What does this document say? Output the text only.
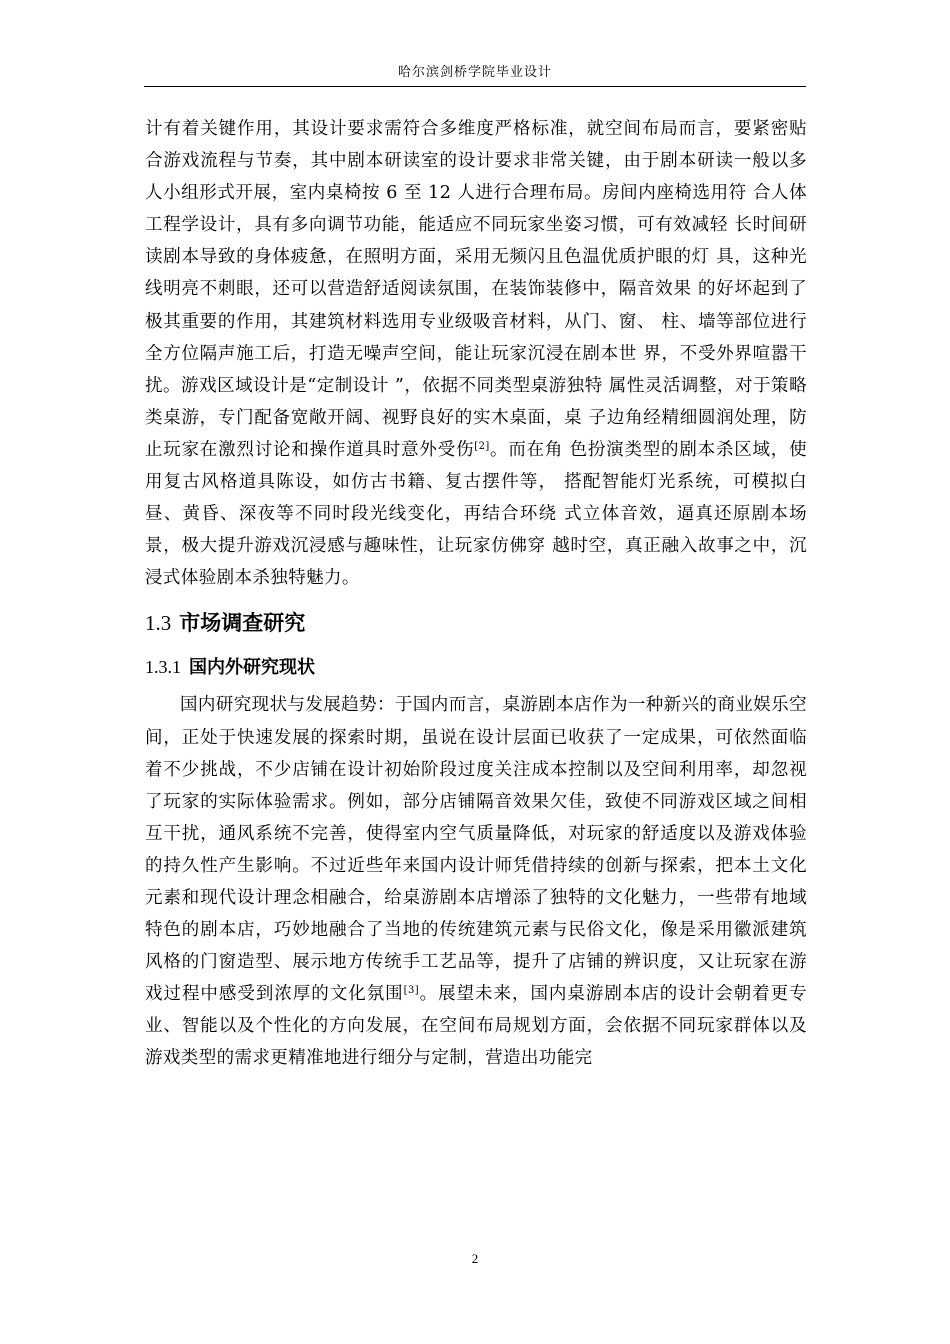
哈尔滨剑桥学院毕业设计

计有着关键作用，其设计要求需符合多维度严格标准，就空间布局而言，要紧密贴合游戏流程与节奏，其中剧本研读室的设计要求非常关键，由于剧本研读一般以多人小组形式开展，室内桌椅按 6 至 12 人进行合理布局。房间内座椅选用符 合人体工程学设计，具有多向调节功能，能适应不同玩家坐姿习惯，可有效减轻 长时间研读剧本导致的身体疲惫，在照明方面，采用无频闪且色温优质护眼的灯 具，这种光线明亮不刺眼，还可以营造舒适阅读氛围，在装饰装修中，隔音效果 的好坏起到了极其重要的作用，其建筑材料选用专业级吸音材料，从门、窗、 柱、墙等部位进行全方位隔声施工后，打造无噪声空间，能让玩家沉浸在剧本世 界，不受外界喧嚣干扰。游戏区域设计是“定制设计 ”，依据不同类型桌游独特 属性灵活调整，对于策略类桌游，专门配备宽敞开阔、视野良好的实木桌面，桌 子边角经精细圆润处理，防止玩家在激烈讨论和操作道具时意外受伤[2]。而在角 色扮演类型的剧本杀区域，使用复古风格道具陈设，如仿古书籍、复古摆件等， 搭配智能灯光系统，可模拟白昼、黄昏、深夜等不同时段光线变化，再结合环绕 式立体音效，逼真还原剧本场景，极大提升游戏沉浸感与趣味性，让玩家仿佛穿 越时空，真正融入故事之中，沉浸式体验剧本杀独特魅力。

1.3 市场调查研究
1.3.1 国内外研究现状

国内研究现状与发展趋势：于国内而言，桌游剧本店作为一种新兴的商业娱乐空间，正处于快速发展的探索时期，虽说在设计层面已收获了一定成果，可依然面临着不少挑战，不少店铺在设计初始阶段过度关注成本控制以及空间利用率，却忽视了玩家的实际体验需求。例如，部分店铺隔音效果欠佳，致使不同游戏区域之间相互干扰，通风系统不完善，使得室内空气质量降低，对玩家的舒适度以及游戏体验的持久性产生影响。不过近些年来国内设计师凭借持续的创新与探索，把本土文化元素和现代设计理念相融合，给桌游剧本店增添了独特的文化魅力，一些带有地域特色的剧本店，巧妙地融合了当地的传统建筑元素与民俗文化，像是采用徽派建筑风格的门窗造型、展示地方传统手工艺品等，提升了店铺的辨识度，又让玩家在游戏过程中感受到浓厚的文化氛围[3]。展望未来，国内桌游剧本店的设计会朝着更专业、智能以及个性化的方向发展，在空间布局规划方面，会依据不同玩家群体以及游戏类型的需求更精准地进行细分与定制，营造出功能完

2
